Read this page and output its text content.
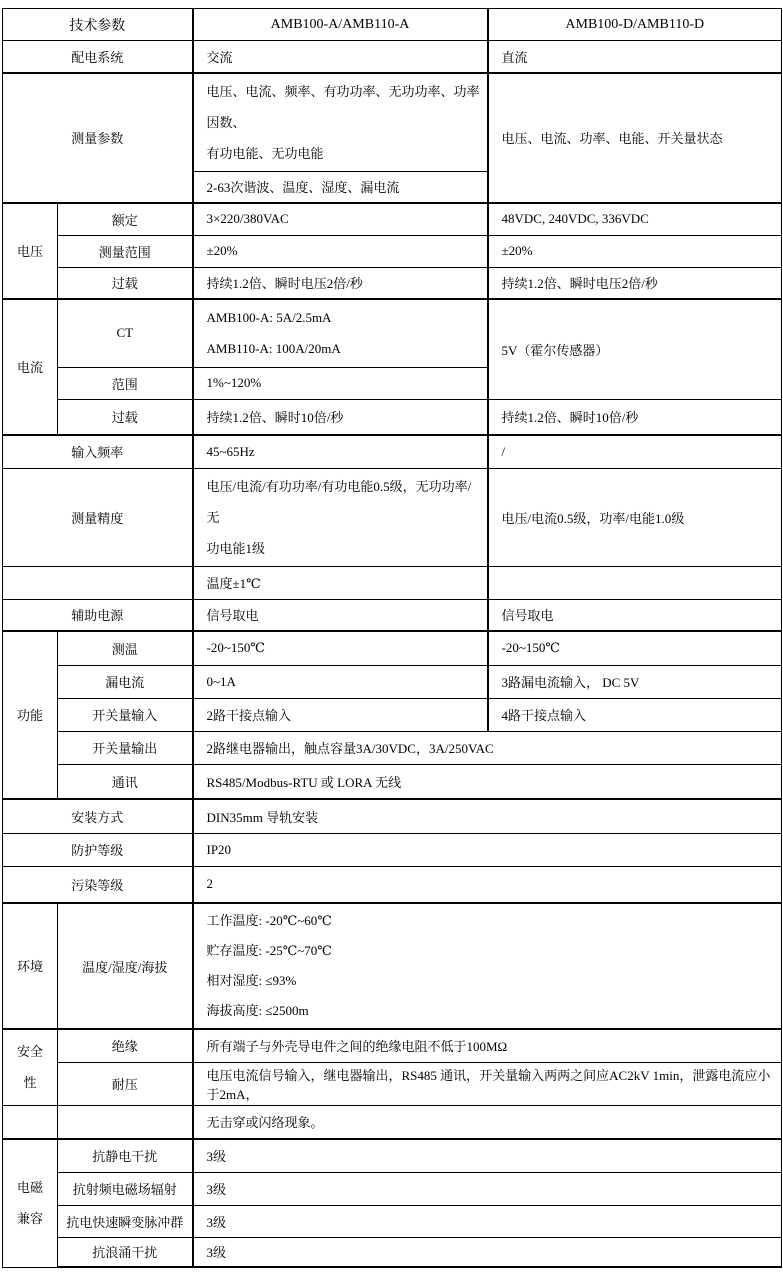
技术参数		AMB100-A/AMB110-A	AMB100-D/AMB110-D
配电系统		交流	直流
测量参数		电压、电流、频率、有功功率、无功功率、功率因数、
有功电能、无功电能	电压、电流、功率、电能、开关量状态
		2-63次谐波、温度、湿度、漏电流	
电压	额定	3×220/380VAC	48VDC, 240VDC, 336VDC
	测量范围	±20%	±20%
	过载	持续1.2倍、瞬时电压2倍/秒	持续1.2倍、瞬时电压2倍/秒
电流	CT	AMB100-A: 5A/2.5mA
AMB110-A: 100A/20mA	5V（霍尔传感器）
	范围	1%~120%	
	过载	持续1.2倍、瞬时10倍/秒	持续1.2倍、瞬时10倍/秒
输入频率		45~65Hz	/
测量精度		电压/电流/有功功率/有功电能0.5级，无功功率/无
功电能1级	电压/电流0.5级，功率/电能1.0级
		温度±1℃	
辅助电源		信号取电	信号取电
功能	测温	-20~150℃	-20~150℃
	漏电流	0~1A	3路漏电流输入， DC 5V
	开关量输入	2路干接点输入	4路干接点输入
	开关量输出	2路继电器输出，触点容量3A/30VDC，3A/250VAC	
	通讯	RS485/Modbus-RTU 或 LORA 无线	
安装方式		DIN35mm 导轨安装	
防护等级		IP20	
污染等级		2	
环境	温度/湿度/海拔	工作温度: -20℃~60℃
贮存温度: -25℃~70℃
相对湿度: ≤93%
海拔高度: ≤2500m	

安全性	绝缘	所有端子与外壳导电件之间的绝缘电阻不低于100MΩ	
	耐压	电压电流信号输入，继电器输出，RS485 通讯，开关量输入两两之间应AC2kV 1min，泄露电流应小于2mA，	
		无击穿或闪络现象。	
电磁兼容	抗静电干扰	3级	
	抗射频电磁场辐射	3级	
	抗电快速瞬变脉冲群	3级	
	抗浪涌干扰	3级	
